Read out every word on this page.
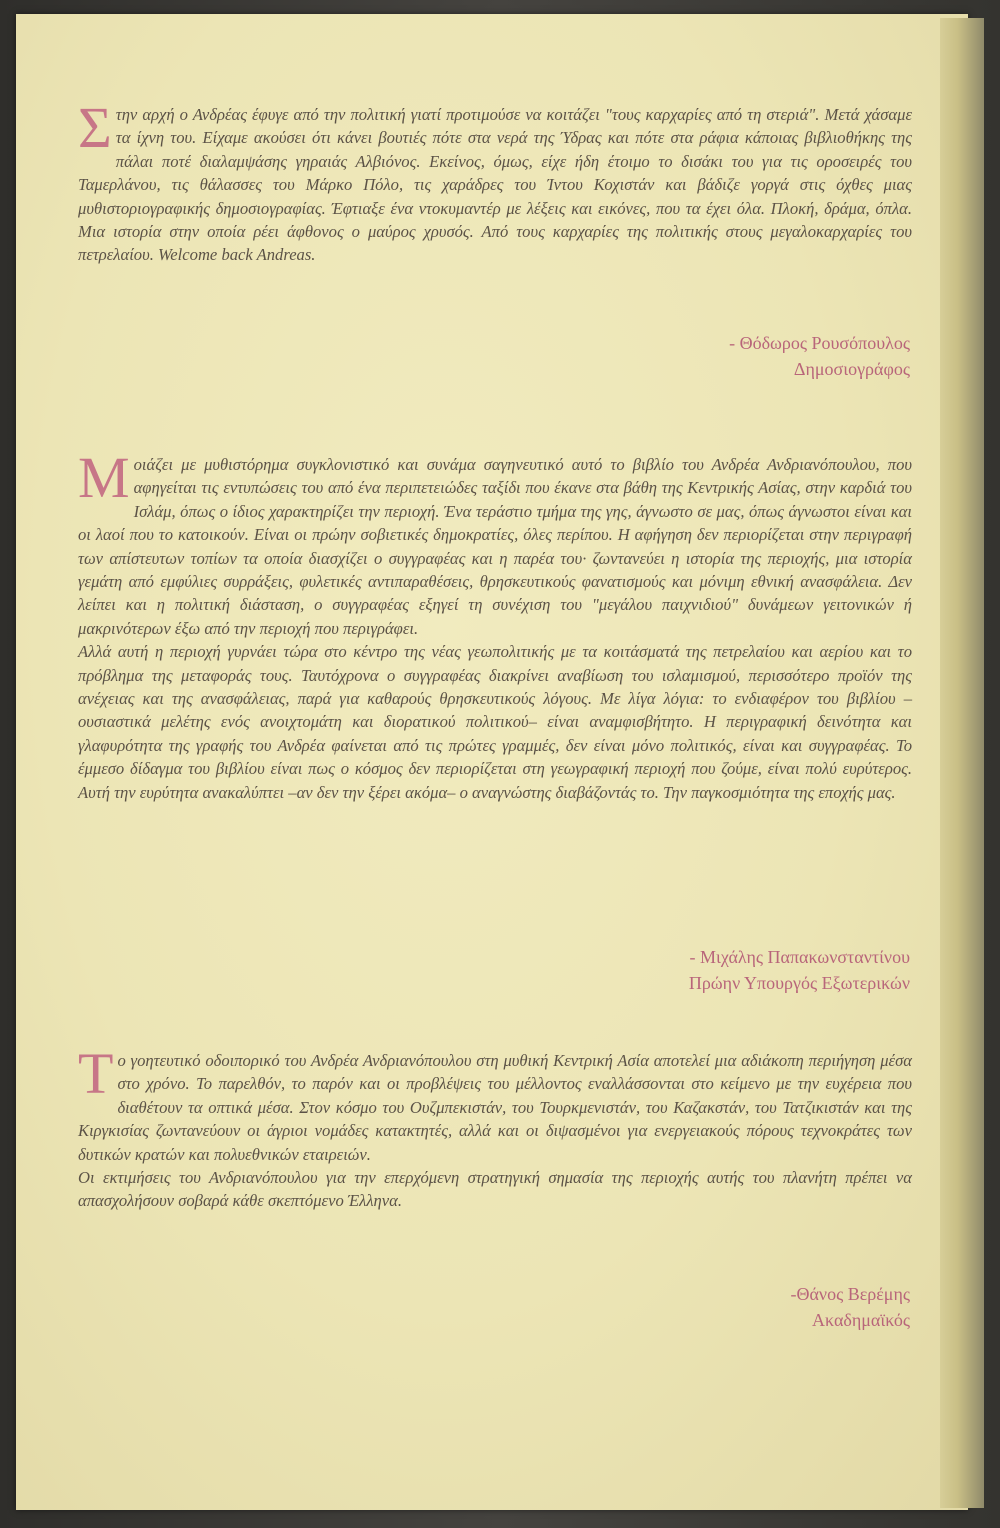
Στην αρχή ο Ανδρέας έφυγε από την πολιτική γιατί προτιμούσε να κοιτάζει "τους καρχαρίες από τη στεριά". Μετά χάσαμε τα ίχνη του. Είχαμε ακούσει ότι κάνει βουτιές πότε στα νερά της Ύδρας και πότε στα ράφια κάποιας βιβλιοθήκης της πάλαι ποτέ διαλαμψάσης γηραιάς Αλβιόνος. Εκείνος, όμως, είχε ήδη έτοιμο το δισάκι του για τις οροσειρές του Ταμερλάνου, τις θάλασσες του Μάρκο Πόλο, τις χαράδρες του Ίντου Κοχιστάν και βάδιζε γοργά στις όχθες μιας μυθιστοριογραφικής δημοσιογραφίας. Έφτιαξε ένα ντοκυμαντέρ με λέξεις και εικόνες, που τα έχει όλα. Πλοκή, δράμα, όπλα. Μια ιστορία στην οποία ρέει άφθονος ο μαύρος χρυσός. Από τους καρχαρίες της πολιτικής στους μεγαλοκαρχαρίες του πετρελαίου. Welcome back Andreas.

- Θόδωρος Ρουσόπουλος
Δημοσιογράφος

Μοιάζει με μυθιστόρημα συγκλονιστικό και συνάμα σαγηνευτικό αυτό το βιβλίο του Ανδρέα Ανδριανόπουλου, που αφηγείται τις εντυπώσεις του από ένα περιπετειώδες ταξίδι που έκανε στα βάθη της Κεντρικής Ασίας, στην καρδιά του Ισλάμ, όπως ο ίδιος χαρακτηρίζει την περιοχή. Ένα τεράστιο τμήμα της γης, άγνωστο σε μας, όπως άγνωστοι είναι και οι λαοί που το κατοικούν. Είναι οι πρώην σοβιετικές δημοκρατίες, όλες περίπου. Η αφήγηση δεν περιορίζεται στην περιγραφή των απίστευτων τοπίων τα οποία διασχίζει ο συγγραφέας και η παρέα του· ζωντανεύει η ιστορία της περιοχής, μια ιστορία γεμάτη από εμφύλιες συρράξεις, φυλετικές αντιπαραθέσεις, θρησκευτικούς φανατισμούς και μόνιμη εθνική ανασφάλεια. Δεν λείπει και η πολιτική διάσταση, ο συγγραφέας εξηγεί τη συνέχιση του "μεγάλου παιχνιδιού" δυνάμεων γειτονικών ή μακρινότερων έξω από την περιοχή που περιγράφει.

Αλλά αυτή η περιοχή γυρνάει τώρα στο κέντρο της νέας γεωπολιτικής με τα κοιτάσματά της πετρελαίου και αερίου και το πρόβλημα της μεταφοράς τους. Ταυτόχρονα ο συγγραφέας διακρίνει αναβίωση του ισλαμισμού, περισσότερο προϊόν της ανέχειας και της ανασφάλειας, παρά για καθαρούς θρησκευτικούς λόγους. Με λίγα λόγια: το ενδιαφέρον του βιβλίου –ουσιαστικά μελέτης ενός ανοιχτομάτη και διορατικού πολιτικού– είναι αναμφισβήτητο. Η περιγραφική δεινότητα και γλαφυρότητα της γραφής του Ανδρέα φαίνεται από τις πρώτες γραμμές, δεν είναι μόνο πολιτικός, είναι και συγγραφέας. Το έμμεσο δίδαγμα του βιβλίου είναι πως ο κόσμος δεν περιορίζεται στη γεωγραφική περιοχή που ζούμε, είναι πολύ ευρύτερος. Αυτή την ευρύτητα ανακαλύπτει –αν δεν την ξέρει ακόμα– ο αναγνώστης διαβάζοντάς το. Την παγκοσμιότητα της εποχής μας.

- Μιχάλης Παπακωνσταντίνου
Πρώην Υπουργός Εξωτερικών

Το γοητευτικό οδοιπορικό του Ανδρέα Ανδριανόπουλου στη μυθική Κεντρική Ασία αποτελεί μια αδιάκοπη περιήγηση μέσα στο χρόνο. Το παρελθόν, το παρόν και οι προβλέψεις του μέλλοντος εναλλάσσονται στο κείμενο με την ευχέρεια που διαθέτουν τα οπτικά μέσα. Στον κόσμο του Ουζμπεκιστάν, του Τουρκμενιστάν, του Καζακστάν, του Τατζικιστάν και της Κιργκισίας ζωντανεύουν οι άγριοι νομάδες κατακτητές, αλλά και οι διψασμένοι για ενεργειακούς πόρους τεχνοκράτες των δυτικών κρατών και πολυεθνικών εταιρειών.

Οι εκτιμήσεις του Ανδριανόπουλου για την επερχόμενη στρατηγική σημασία της περιοχής αυτής του πλανήτη πρέπει να απασχολήσουν σοβαρά κάθε σκεπτόμενο Έλληνα.

-Θάνος Βερέμης
Ακαδημαϊκός
